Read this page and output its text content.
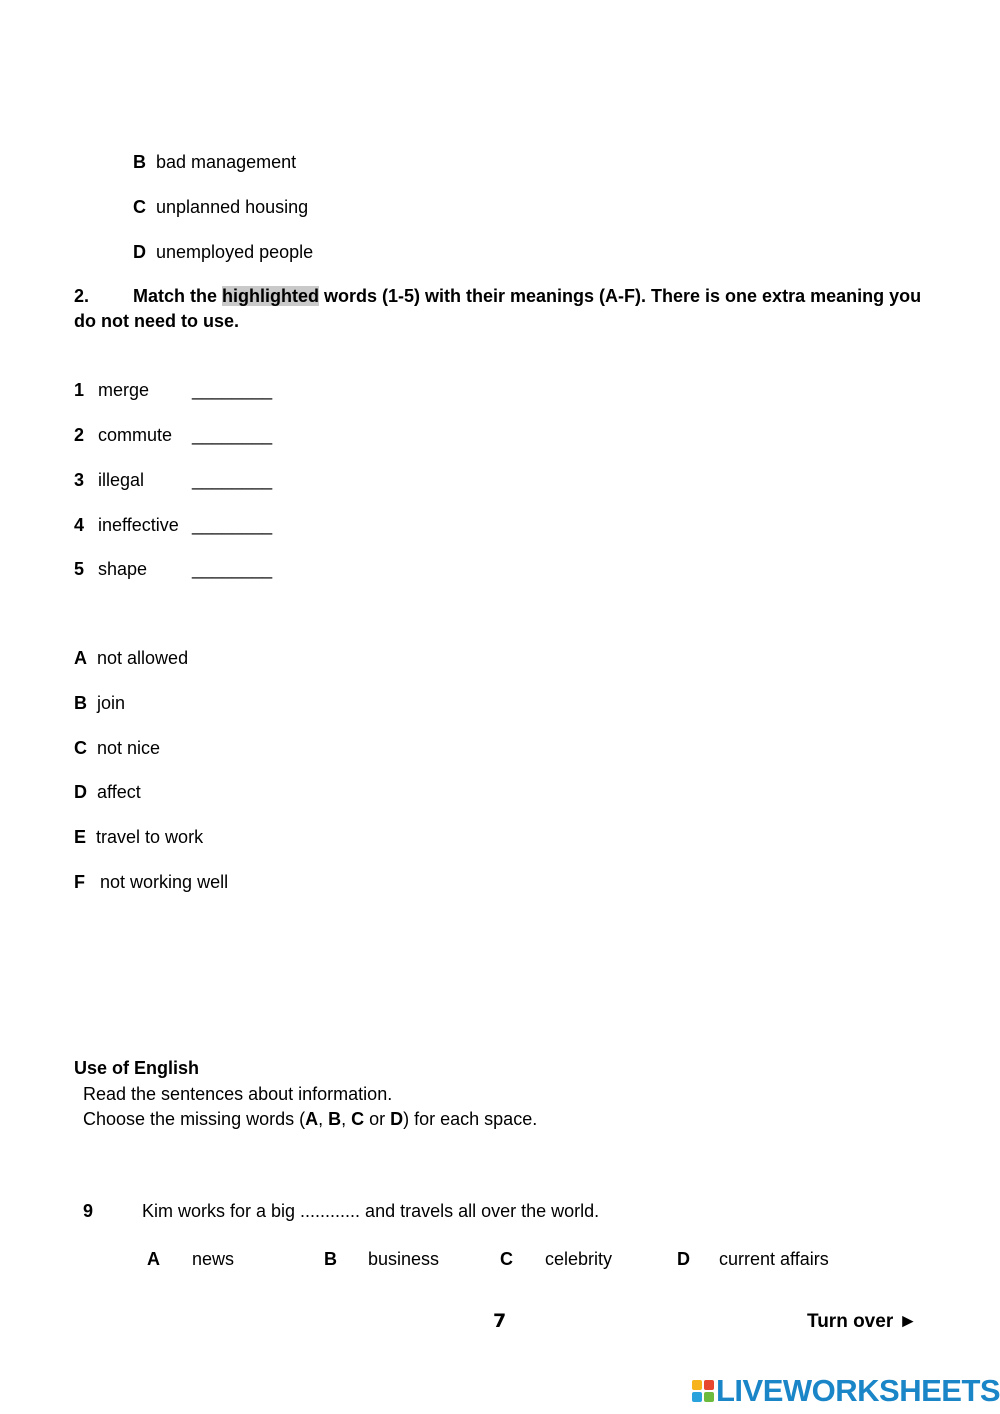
B bad management
C unplanned housing
D unemployed people
2. Match the highlighted words (1-5) with their meanings (A-F). There is one extra meaning you
do not need to use.
1 merge ________
2 commute ________
3 illegal	________
4 ineffective ________
5 shape ________
A not allowed
B join
C not nice
D affect
E travel to work
F not working well
Use of English
Read the sentences about information.
Choose the missing words (A, B, C or D) for each space.
9	Kim works for a big ............ and travels all over the world.
A news	B business	C celebrity	D current affairs
7	Turn over ►
LIVEWORKSHEETS
